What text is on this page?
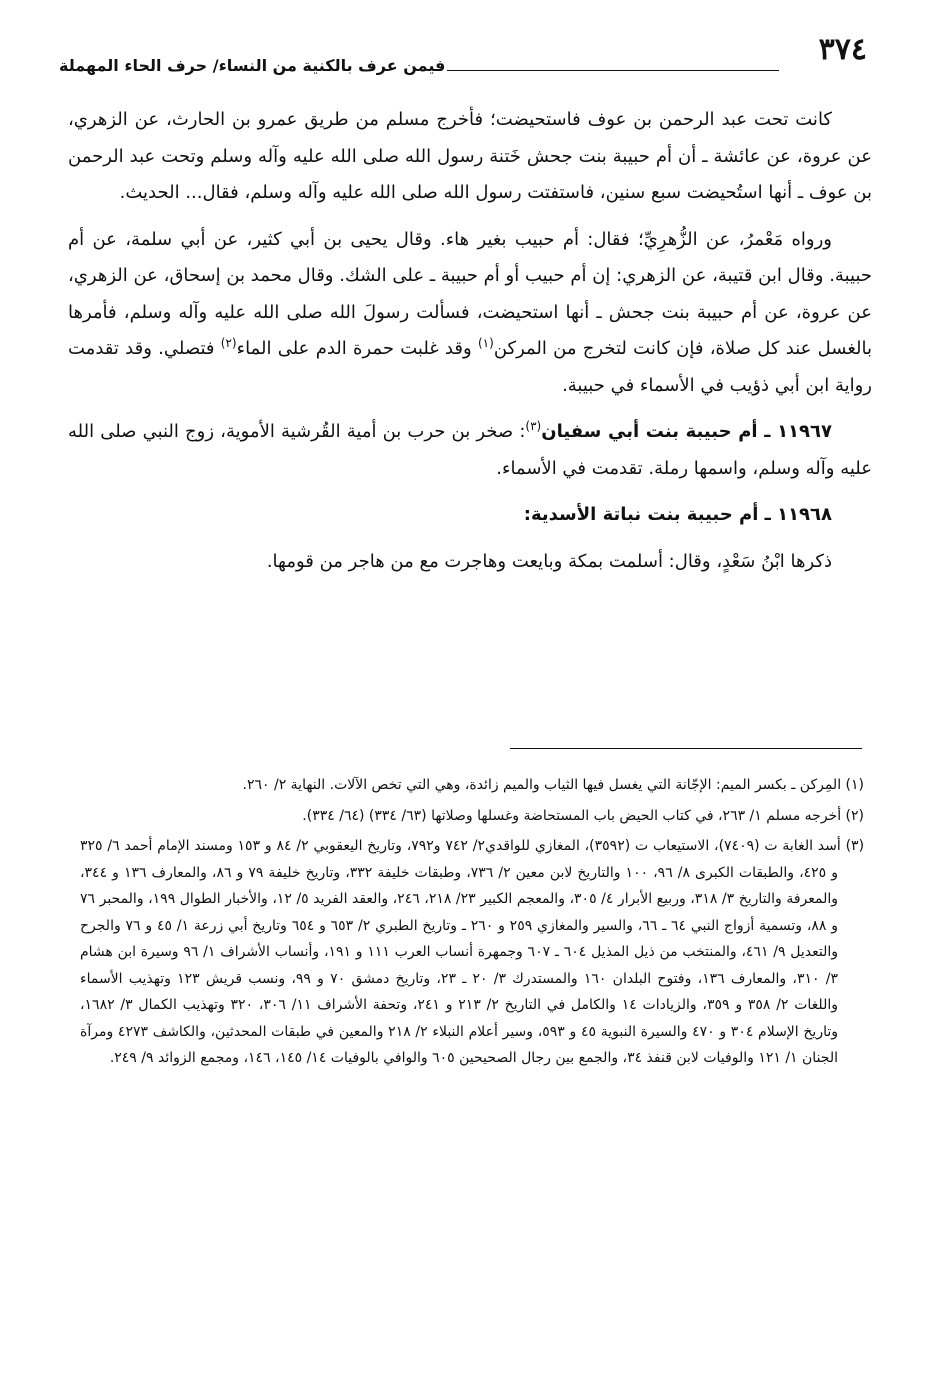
٣٧٤
فيمن عرف بالكنية من النساء/ حرف الحاء المهملة

كانت تحت عبد الرحمن بن عوف فاستحيضت؛ فأخرج مسلم من طريق عمرو بن الحارث، عن الزهري، عن عروة، عن عائشة ـ أن أم حبيبة بنت جحش خَتنة رسول الله صلى الله عليه وآله وسلم وتحت عبد الرحمن بن عوف ـ أنها استُحيضت سبع سنين، فاستفتت رسول الله صلى الله عليه وآله وسلم، فقال... الحديث.

ورواه مَعْمرُ، عن الزُّهرِيِّ؛ فقال: أم حبيب بغير هاء. وقال يحيى بن أبي كثير، عن أبي سلمة، عن أم حبيبة. وقال ابن قتيبة، عن الزهري: إن أم حبيب أو أم حبيبة ـ على الشك. وقال محمد بن إسحاق، عن الزهري، عن عروة، عن أم حبيبة بنت جحش ـ أنها استحيضت، فسألت رسولَ الله صلى الله عليه وآله وسلم، فأمرها بالغسل عند كل صلاة، فإن كانت لتخرج من المركن$^{(١)}$ وقد غلبت حمرة الدم على الماء$^{(٢)}$ فتصلي. وقد تقدمت رواية ابن أبي ذؤيب في الأسماء في حبيبة.

١١٩٦٧ ـ أم حبيبة بنت أبي سفيان$^{(٣)}$: صخر بن حرب بن أمية القُرشية الأموية، زوج النبي صلى الله عليه وآله وسلم، واسمها رملة. تقدمت في الأسماء.

١١٩٦٨ ـ أم حبيبة بنت نباتة الأسدية:

ذكرها ابْنُ سَعْدٍ، وقال: أسلمت بمكة وبايعت وهاجرت مع من هاجر من قومها.

(١) المِركن ـ بكسر الميم: الإجّانة التي يغسل فيها الثياب والميم زائدة، وهي التي تخص الآلات. النهاية ٢/ ٢٦٠.

(٢) أخرجه مسلم ١/ ٢٦٣، في كتاب الحيض باب المستحاضة وغسلها وصلاتها (٦٣/ ٣٣٤) (٦٤/ ٣٣٤).

(٣) أسد الغابة ت (٧٤٠٩)، الاستيعاب ت (٣٥٩٢)، المغازي للواقدي٢/ ٧٤٢ و٧٩٢، وتاريخ اليعقوبي ٢/ ٨٤ و ١٥٣ ومسند الإمام أحمد ٦/ ٣٢٥ و ٤٢٥، والطبقات الكبرى ٨/ ٩٦، ١٠٠ والتاريخ لابن معين ٢/ ٧٣٦، وطبقات خليفة ٣٣٢، وتاريخ خليفة ٧٩ و ٨٦، والمعارف ١٣٦ و ٣٤٤، والمعرفة والتاريخ ٣/ ٣١٨، وربيع الأبرار ٤/ ٣٠٥، والمعجم الكبير ٢٣/ ٢١٨، ٢٤٦، والعقد الفريد ٥/ ١٢، والأخبار الطوال ١٩٩، والمحبر ٧٦ و ٨٨، وتسمية أزواج النبي ٦٤ ـ ٦٦، والسير والمغازي ٢٥٩ و ٢٦٠ ـ وتاريخ الطبري ٢/ ٦٥٣ و ٦٥٤ وتاريخ أبي زرعة ١/ ٤٥ و ٧٦ والجرح والتعديل ٩/ ٤٦١، والمنتخب من ذيل المذيل ٦٠٤ ـ ٦٠٧ وجمهرة أنساب العرب ١١١ و ١٩١، وأنساب الأشراف ١/ ٩٦ وسيرة ابن هشام ٣/ ٣١٠، والمعارف ١٣٦، وفتوح البلدان ١٦٠ والمستدرك ٣/ ٢٠ ـ ٢٣، وتاريخ دمشق ٧٠ و ٩٩، ونسب قريش ١٢٣ وتهذيب الأسماء واللغات ٢/ ٣٥٨ و ٣٥٩، والزيادات ١٤ والكامل في التاريخ ٢/ ٢١٣ و ٢٤١، وتحفة الأشراف ١١/ ٣٠٦، ٣٢٠ وتهذيب الكمال ٣/ ١٦٨٢، وتاريخ الإسلام ٣٠٤ و ٤٧٠ والسيرة النبوية ٤٥ و ٥٩٣، وسير أعلام النبلاء ٢/ ٢١٨ والمعين في طبقات المحدثين، والكاشف ٤٢٧٣ ومرآة الجنان ١/ ١٢١ والوفيات لابن قنفذ ٣٤، والجمع بين رجال الصحيحين ٦٠٥ والوافي بالوفيات ١٤/ ١٤٥، ١٤٦، ومجمع الزوائد ٩/ ٢٤٩.
